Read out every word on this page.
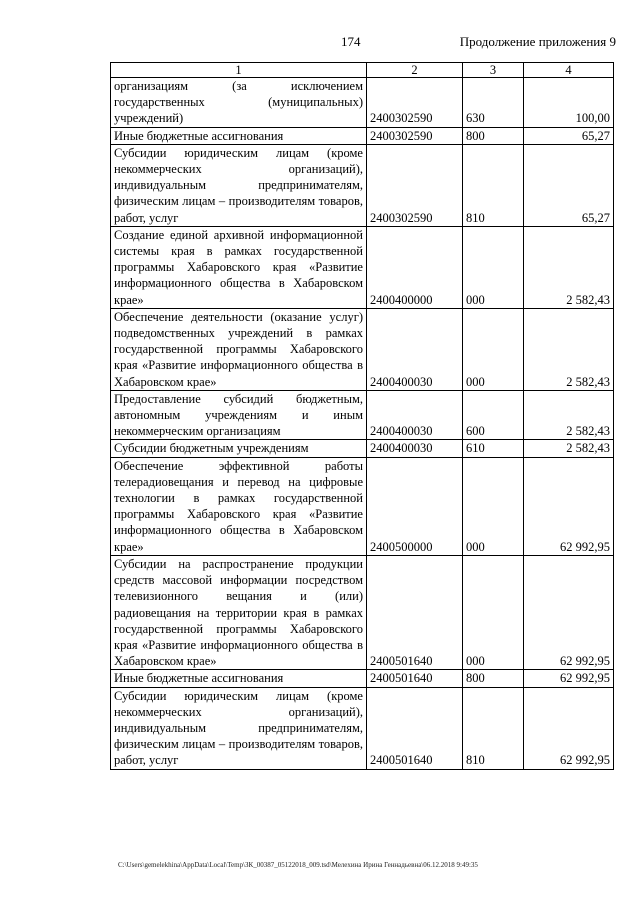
174	Продолжение приложения 9
1	2	3	4
организациям (за исключением государственных (муниципальных) учреждений)	2400302590	630	100,00
Иные бюджетные ассигнования	2400302590	800	65,27
Субсидии юридическим лицам (кроме некоммерческих организаций), индивидуальным предпринимателям, физическим лицам – производителям товаров, работ, услуг	2400302590	810	65,27
Создание единой архивной информационной системы края в рамках государственной программы Хабаровского края «Развитие информационного общества в Хабаровском крае»	2400400000	000	2 582,43
Обеспечение деятельности (оказание услуг) подведомственных учреждений в рамках государственной программы Хабаровского края «Развитие информационного общества в Хабаровском крае»	2400400030	000	2 582,43
Предоставление субсидий бюджетным, автономным учреждениям и иным некоммерческим организациям	2400400030	600	2 582,43
Субсидии бюджетным учреждениям	2400400030	610	2 582,43
Обеспечение эффективной работы телерадиовещания и перевод на цифровые технологии в рамках государственной программы Хабаровского края «Развитие информационного общества в Хабаровском крае»	2400500000	000	62 992,95
Субсидии на распространение продукции средств массовой информации посредством телевизионного вещания и (или) радиовещания на территории края в рамках государственной программы Хабаровского края «Развитие информационного общества в Хабаровском крае»	2400501640	000	62 992,95
Иные бюджетные ассигнования	2400501640	800	62 992,95
Субсидии юридическим лицам (кроме некоммерческих организаций), индивидуальным предпринимателям, физическим лицам – производителям товаров, работ, услуг	2400501640	810	62 992,95
C:\Users\gemelekhina\AppData\Local\Temp\ЗК_00387_05122018_009.tsd\Мелехина Ирина Геннадьевна\06.12.2018 9:49:35
